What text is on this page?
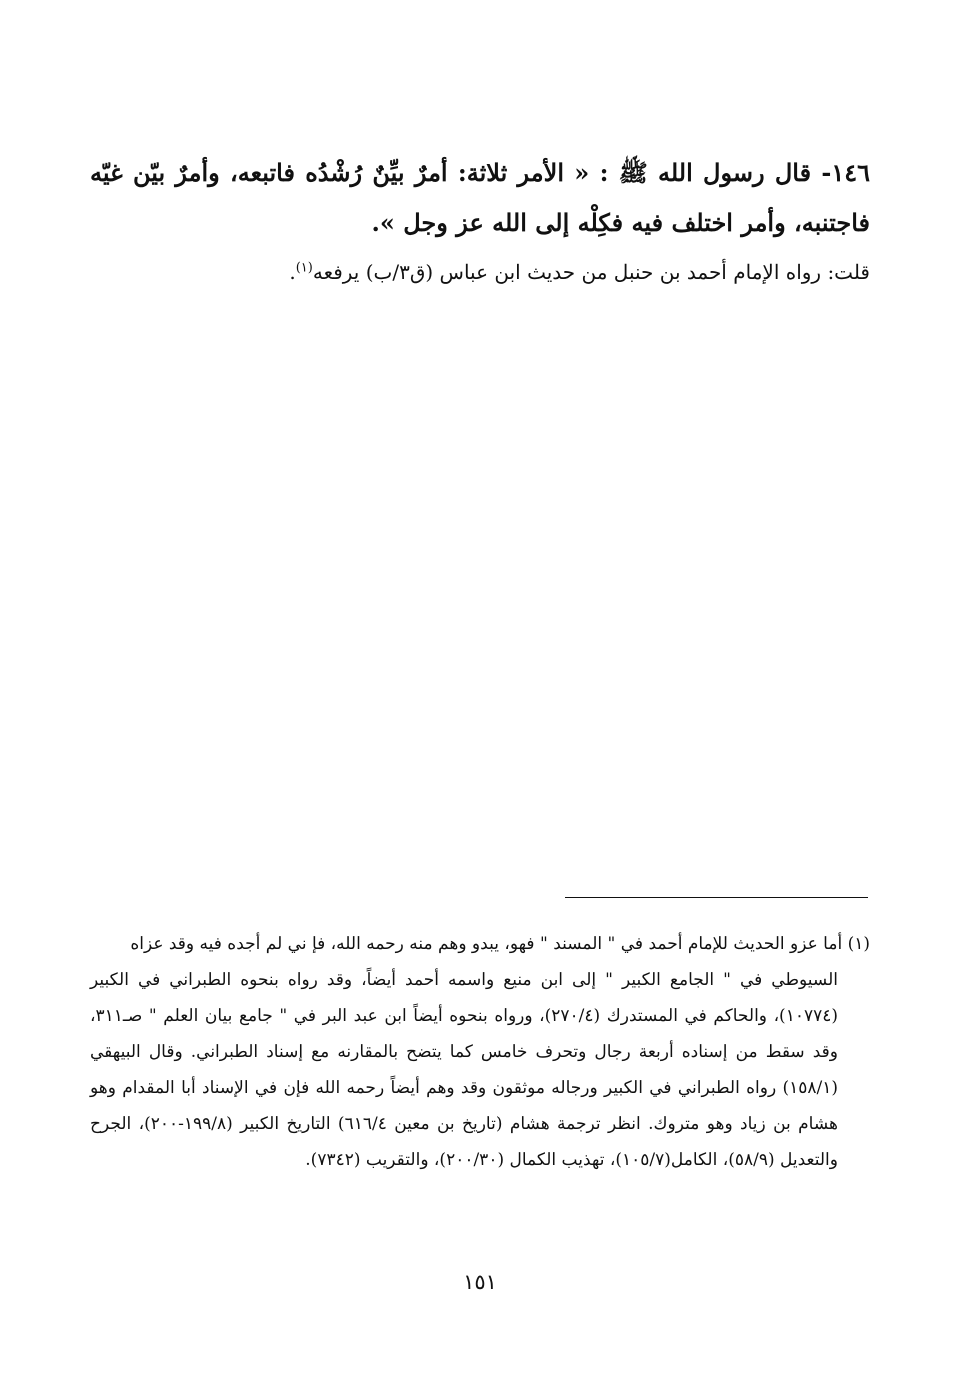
١٤٦- قال رسول الله ﷺ : « الأمر ثلاثة: أمرٌ بيِّنٌ رُشْدُه فاتبعه، وأمرٌ بيّن غيّه فاجتنبه، وأمر اختلف فيه فكِلْه إلى الله عز وجل ».

قلت: رواه الإمام أحمد بن حنبل من حديث ابن عباس (ق٣/ب) يرفعه$^{(١)}$.

(١) أما عزو الحديث للإمام أحمد في " المسند " فهو، يبدو وهم منه رحمه الله، فإ ني لم أجده فيه وقد عزاه

السيوطي في " الجامع الكبير " إلى ابن منيع واسمه أحمد أيضاً، وقد رواه بنحوه الطبراني في الكبير (١٠٧٧٤)، والحاكم في المستدرك (٢٧٠/٤)، ورواه بنحوه أيضاً ابن عبد البر في " جامع بيان العلم " صـ٣١١، وقد سقط من إسناده أربعة رجال وتحرف خامس كما يتضح بالمقارنه مع إسناد الطبراني. وقال البيهقي (١٥٨/١) رواه الطبراني في الكبير ورجاله موثقون وقد وهم أيضاً رحمه الله فإن في الإسناد أبا المقدام وهو هشام بن زياد وهو متروك. انظر ترجمة هشام (تاريخ بن معين ٦١٦/٤) التاريخ الكبير (١٩٩/٨-٢٠٠)، الجرح والتعديل (٥٨/٩)، الكامل(١٠٥/٧)، تهذيب الكمال (٢٠٠/٣٠)، والتقريب (٧٣٤٢).

١٥١
